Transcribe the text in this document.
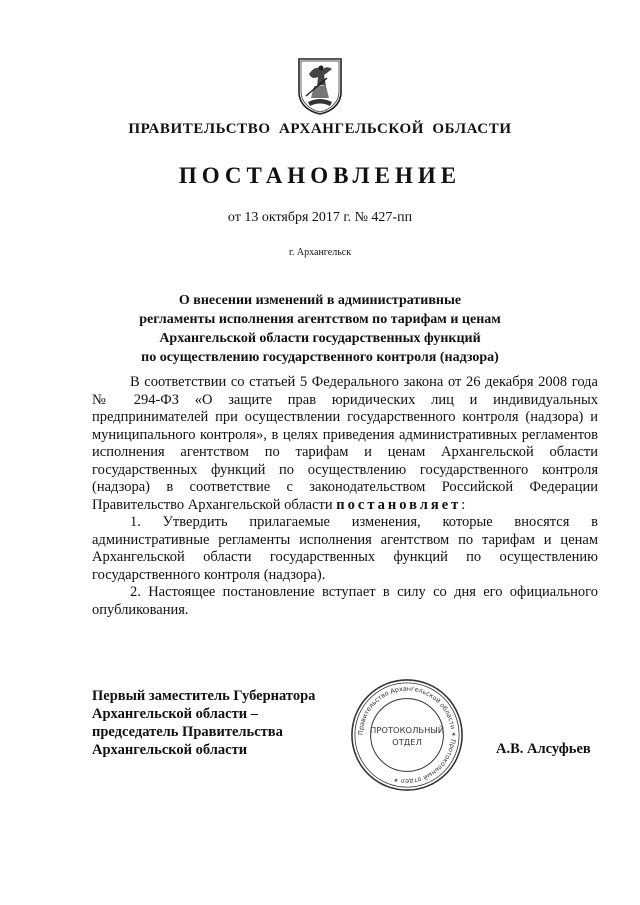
ПРАВИТЕЛЬСТВО АРХАНГЕЛЬСКОЙ ОБЛАСТИ
ПОСТАНОВЛЕНИЕ
от 13 октября 2017 г. № 427-пп
г. Архангельск
О внесении изменений в административные
регламенты исполнения агентством по тарифам и ценам
Архангельской области государственных функций
по осуществлению государственного контроля (надзора)

В соответствии со статьей 5 Федерального закона от 26 декабря 2008 года № 294-ФЗ «О защите прав юридических лиц и индивидуальных предпринимателей при осуществлении государственного контроля (надзора) и муниципального контроля», в целях приведения административных регламентов исполнения агентством по тарифам и ценам Архангельской области государственных функций по осуществлению государственного контроля (надзора) в соответствие с законодательством Российской Федерации Правительство Архангельской области постановляет:

1. Утвердить прилагаемые изменения, которые вносятся в административные регламенты исполнения агентством по тарифам и ценам Архангельской области государственных функций по осуществлению государственного контроля (надзора).

2. Настоящее постановление вступает в силу со дня его официального опубликования.

Первый заместитель Губернатора
Архангельской области –
председатель Правительства
Архангельской области
Правительство Архангельской области ✶ Протокольный отдел ✶
ПРОТОКОЛЬНЫЙ
ОТДЕЛ	А.В. Алсуфьев
